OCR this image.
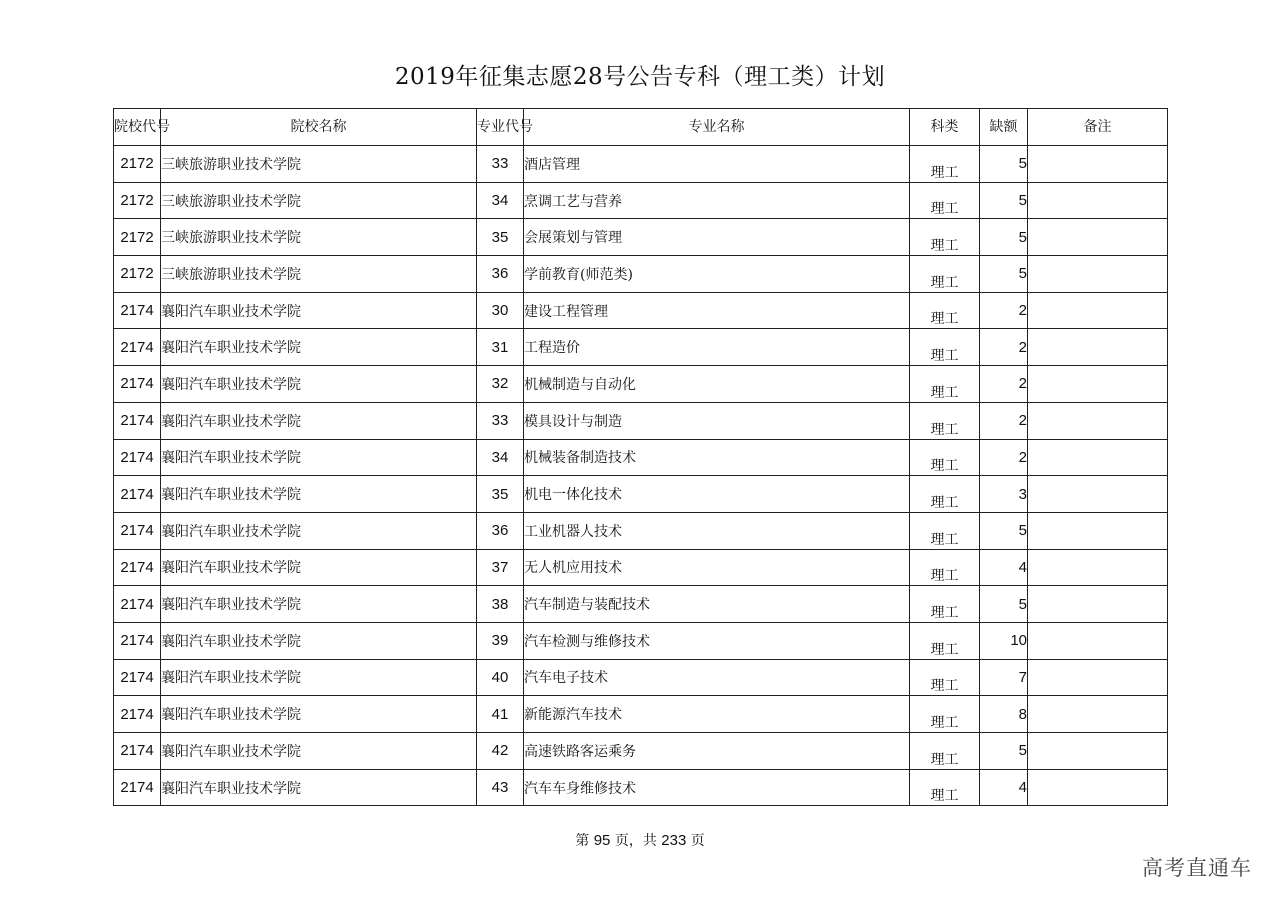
2019年征集志愿28号公告专科（理工类）计划
院校代号	院校名称	专业代号	专业名称	科类	缺额	备注
2172	三峡旅游职业技术学院	33	酒店管理	理工	5	
2172	三峡旅游职业技术学院	34	烹调工艺与营养	理工	5	
2172	三峡旅游职业技术学院	35	会展策划与管理	理工	5	
2172	三峡旅游职业技术学院	36	学前教育(师范类)	理工	5	
2174	襄阳汽车职业技术学院	30	建设工程管理	理工	2	
2174	襄阳汽车职业技术学院	31	工程造价	理工	2	
2174	襄阳汽车职业技术学院	32	机械制造与自动化	理工	2	
2174	襄阳汽车职业技术学院	33	模具设计与制造	理工	2	
2174	襄阳汽车职业技术学院	34	机械装备制造技术	理工	2	
2174	襄阳汽车职业技术学院	35	机电一体化技术	理工	3	
2174	襄阳汽车职业技术学院	36	工业机器人技术	理工	5	
2174	襄阳汽车职业技术学院	37	无人机应用技术	理工	4	
2174	襄阳汽车职业技术学院	38	汽车制造与装配技术	理工	5	
2174	襄阳汽车职业技术学院	39	汽车检测与维修技术	理工	10	
2174	襄阳汽车职业技术学院	40	汽车电子技术	理工	7	
2174	襄阳汽车职业技术学院	41	新能源汽车技术	理工	8	
2174	襄阳汽车职业技术学院	42	高速铁路客运乘务	理工	5	
2174	襄阳汽车职业技术学院	43	汽车车身维修技术	理工	4	
第 95 页，共 233 页
高考直通车
